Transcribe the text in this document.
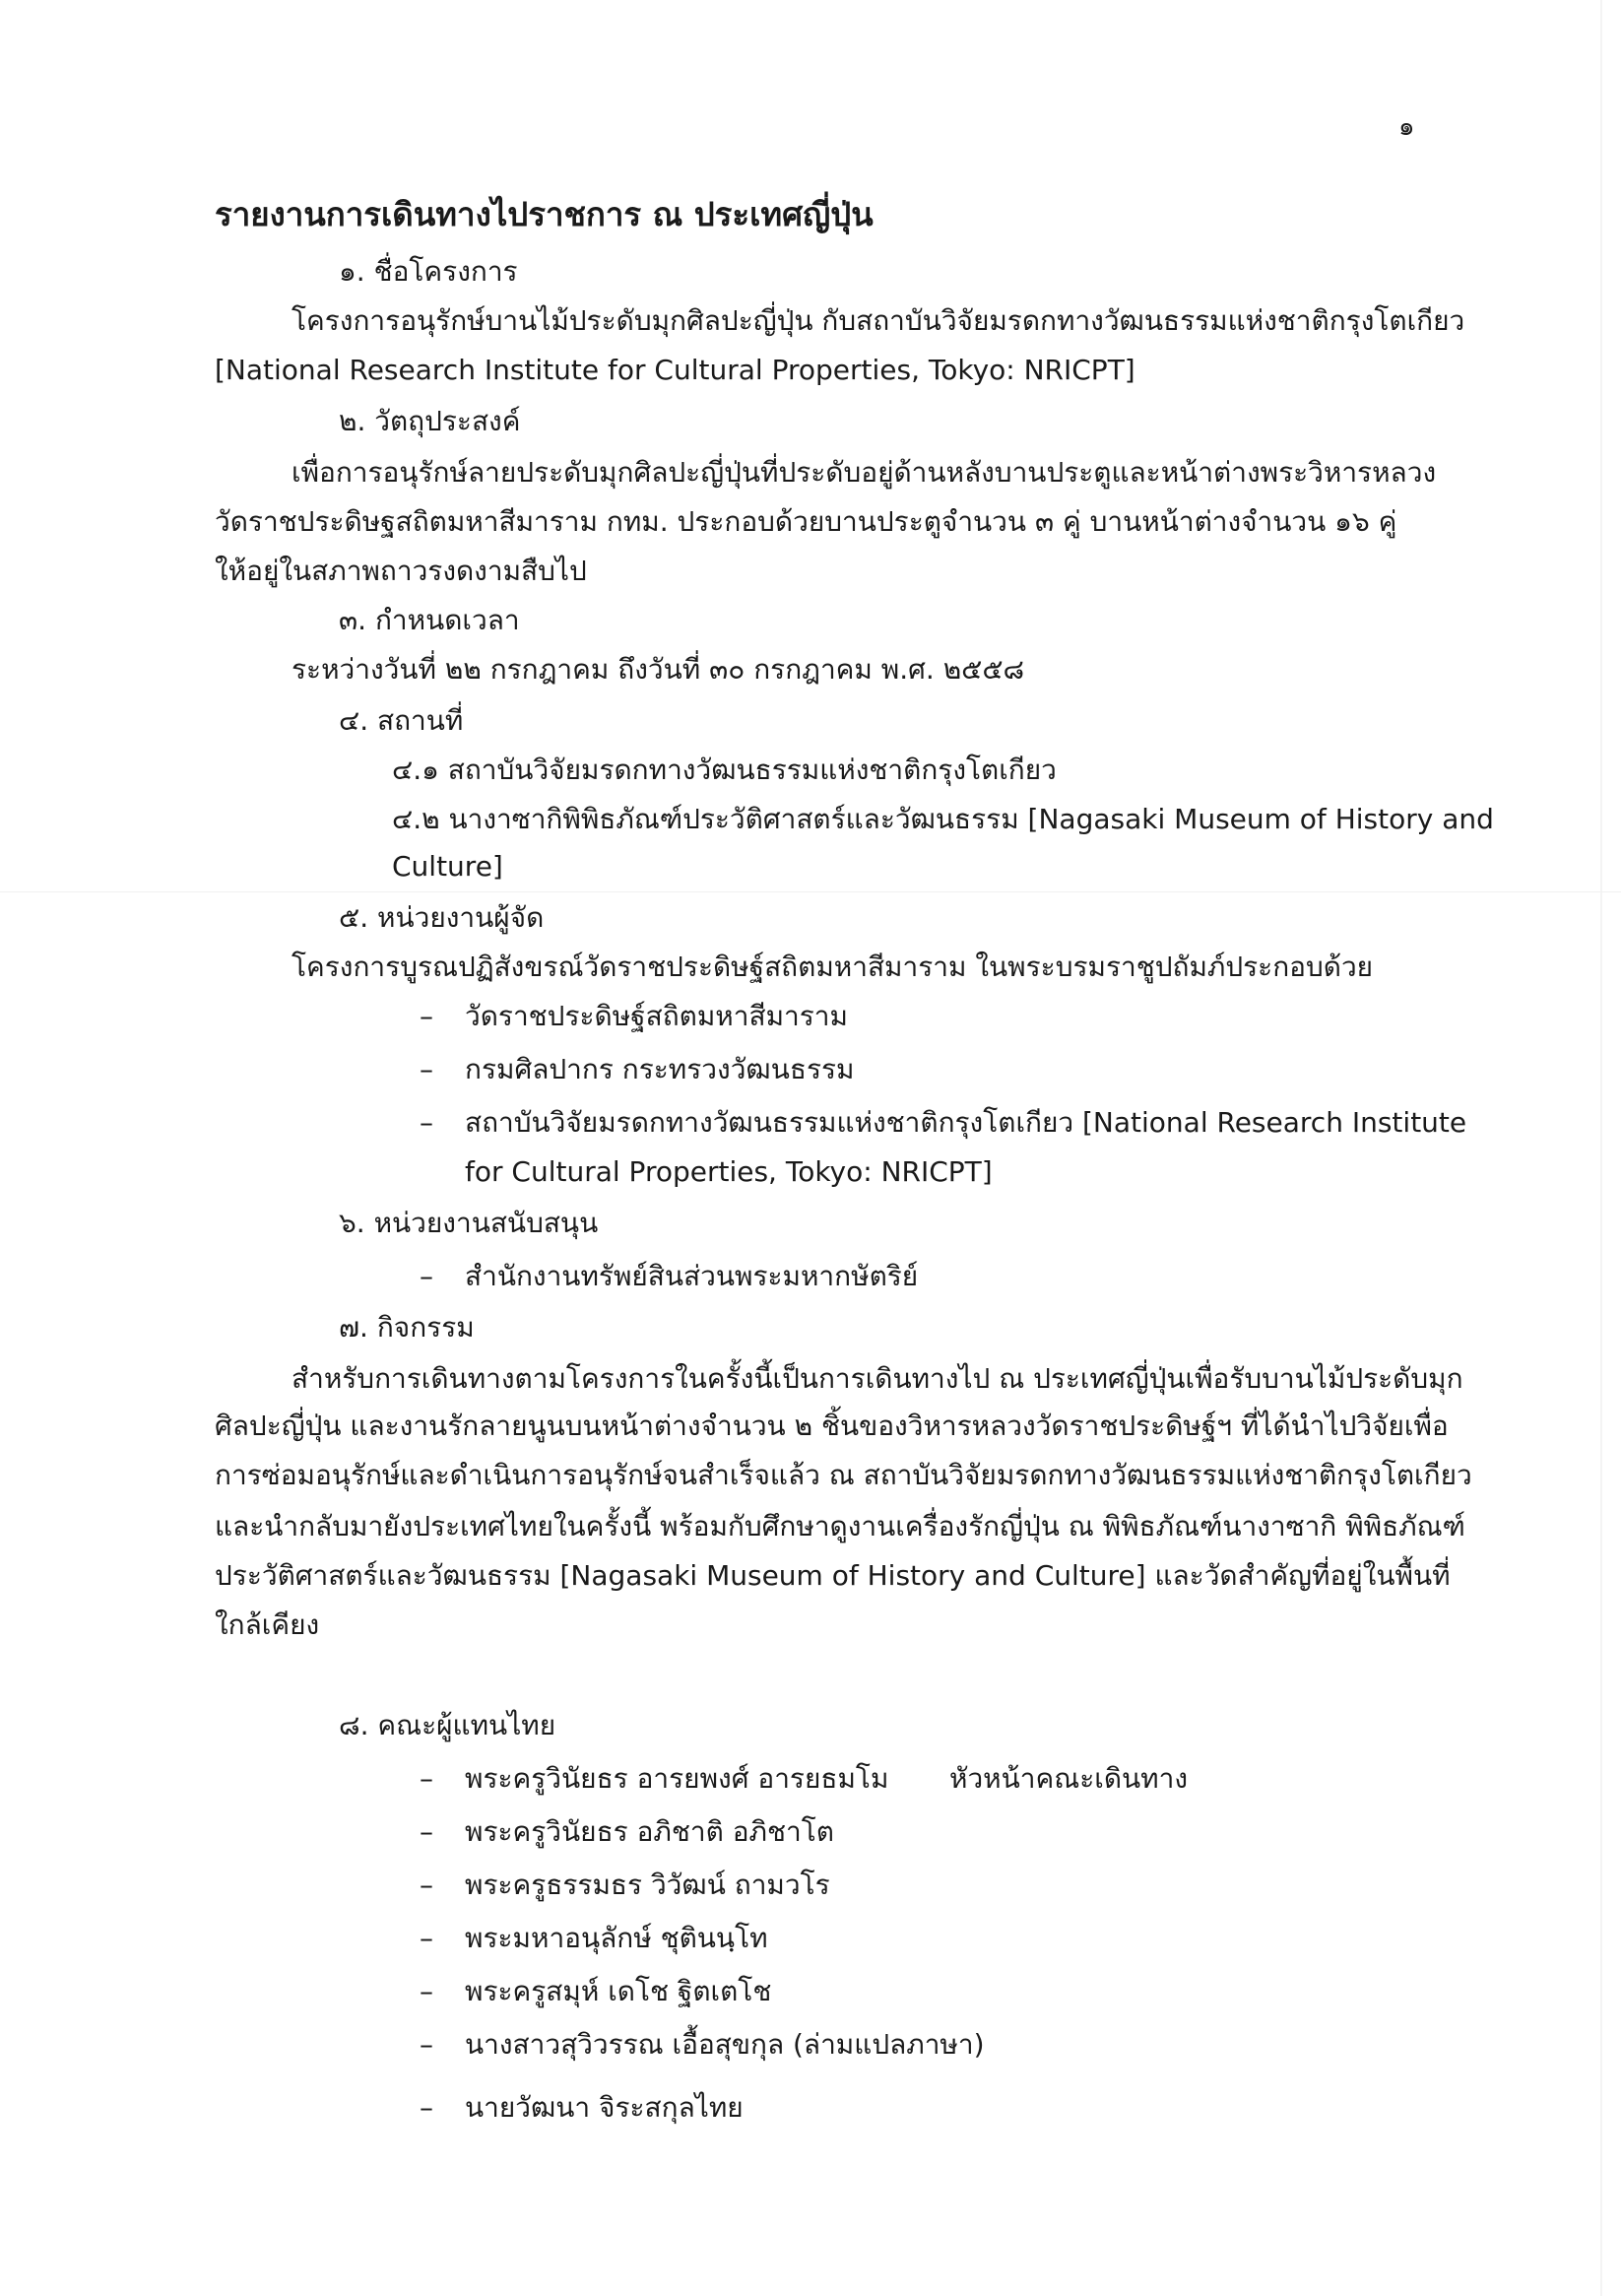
๑
รายงานการเดินทางไปราชการ ณ ประเทศญี่ปุ่น
๑. ชื่อโครงการ
โครงการอนุรักษ์บานไม้ประดับมุกศิลปะญี่ปุ่น กับสถาบันวิจัยมรดกทางวัฒนธรรมแห่งชาติกรุงโตเกียว
[National Research Institute for Cultural Properties, Tokyo: NRICPT]
๒. วัตถุประสงค์
เพื่อการอนุรักษ์ลายประดับมุกศิลปะญี่ปุ่นที่ประดับอยู่ด้านหลังบานประตูและหน้าต่างพระวิหารหลวง
วัดราชประดิษฐสถิตมหาสีมาราม กทม. ประกอบด้วยบานประตูจำนวน ๓ คู่ บานหน้าต่างจำนวน ๑๖ คู่
ให้อยู่ในสภาพถาวรงดงามสืบไป
๓. กำหนดเวลา
ระหว่างวันที่ ๒๒ กรกฎาคม ถึงวันที่ ๓๐ กรกฎาคม พ.ศ. ๒๕๕๘
๔. สถานที่
๔.๑ สถาบันวิจัยมรดกทางวัฒนธรรมแห่งชาติกรุงโตเกียว
๔.๒ นางาซากิพิพิธภัณฑ์ประวัติศาสตร์และวัฒนธรรม [Nagasaki Museum of History and
Culture]
๕. หน่วยงานผู้จัด
โครงการบูรณปฏิสังขรณ์วัดราชประดิษฐ์สถิตมหาสีมาราม ในพระบรมราชูปถัมภ์ประกอบด้วย
– วัดราชประดิษฐ์สถิตมหาสีมาราม
– กรมศิลปากร กระทรวงวัฒนธรรม
– สถาบันวิจัยมรดกทางวัฒนธรรมแห่งชาติกรุงโตเกียว [National Research Institute
for Cultural Properties, Tokyo: NRICPT]
๖. หน่วยงานสนับสนุน
– สำนักงานทรัพย์สินส่วนพระมหากษัตริย์
๗. กิจกรรม
สำหรับการเดินทางตามโครงการในครั้งนี้เป็นการเดินทางไป ณ ประเทศญี่ปุ่นเพื่อรับบานไม้ประดับมุก
ศิลปะญี่ปุ่น และงานรักลายนูนบนหน้าต่างจำนวน ๒ ชิ้นของวิหารหลวงวัดราชประดิษฐ์ฯ ที่ได้นำไปวิจัยเพื่อ
การซ่อมอนุรักษ์และดำเนินการอนุรักษ์จนสำเร็จแล้ว ณ สถาบันวิจัยมรดกทางวัฒนธรรมแห่งชาติกรุงโตเกียว
และนำกลับมายังประเทศไทยในครั้งนี้ พร้อมกับศึกษาดูงานเครื่องรักญี่ปุ่น ณ พิพิธภัณฑ์นางาซากิ พิพิธภัณฑ์
ประวัติศาสตร์และวัฒนธรรม [Nagasaki Museum of History and Culture] และวัดสำคัญที่อยู่ในพื้นที่
ใกล้เคียง
๘. คณะผู้แทนไทย
– พระครูวินัยธร อารยพงศ์ อารยธมโม หัวหน้าคณะเดินทาง
– พระครูวินัยธร อภิชาติ อภิชาโต
– พระครูธรรมธร วิวัฒน์ ถามวโร
– พระมหาอนุลักษ์ ชุตินนฺโท
– พระครูสมุห์ เดโช ฐิตเตโช
– นางสาวสุวิวรรณ เอื้อสุขกุล (ล่ามแปลภาษา)
– นายวัฒนา จิระสกุลไทย
